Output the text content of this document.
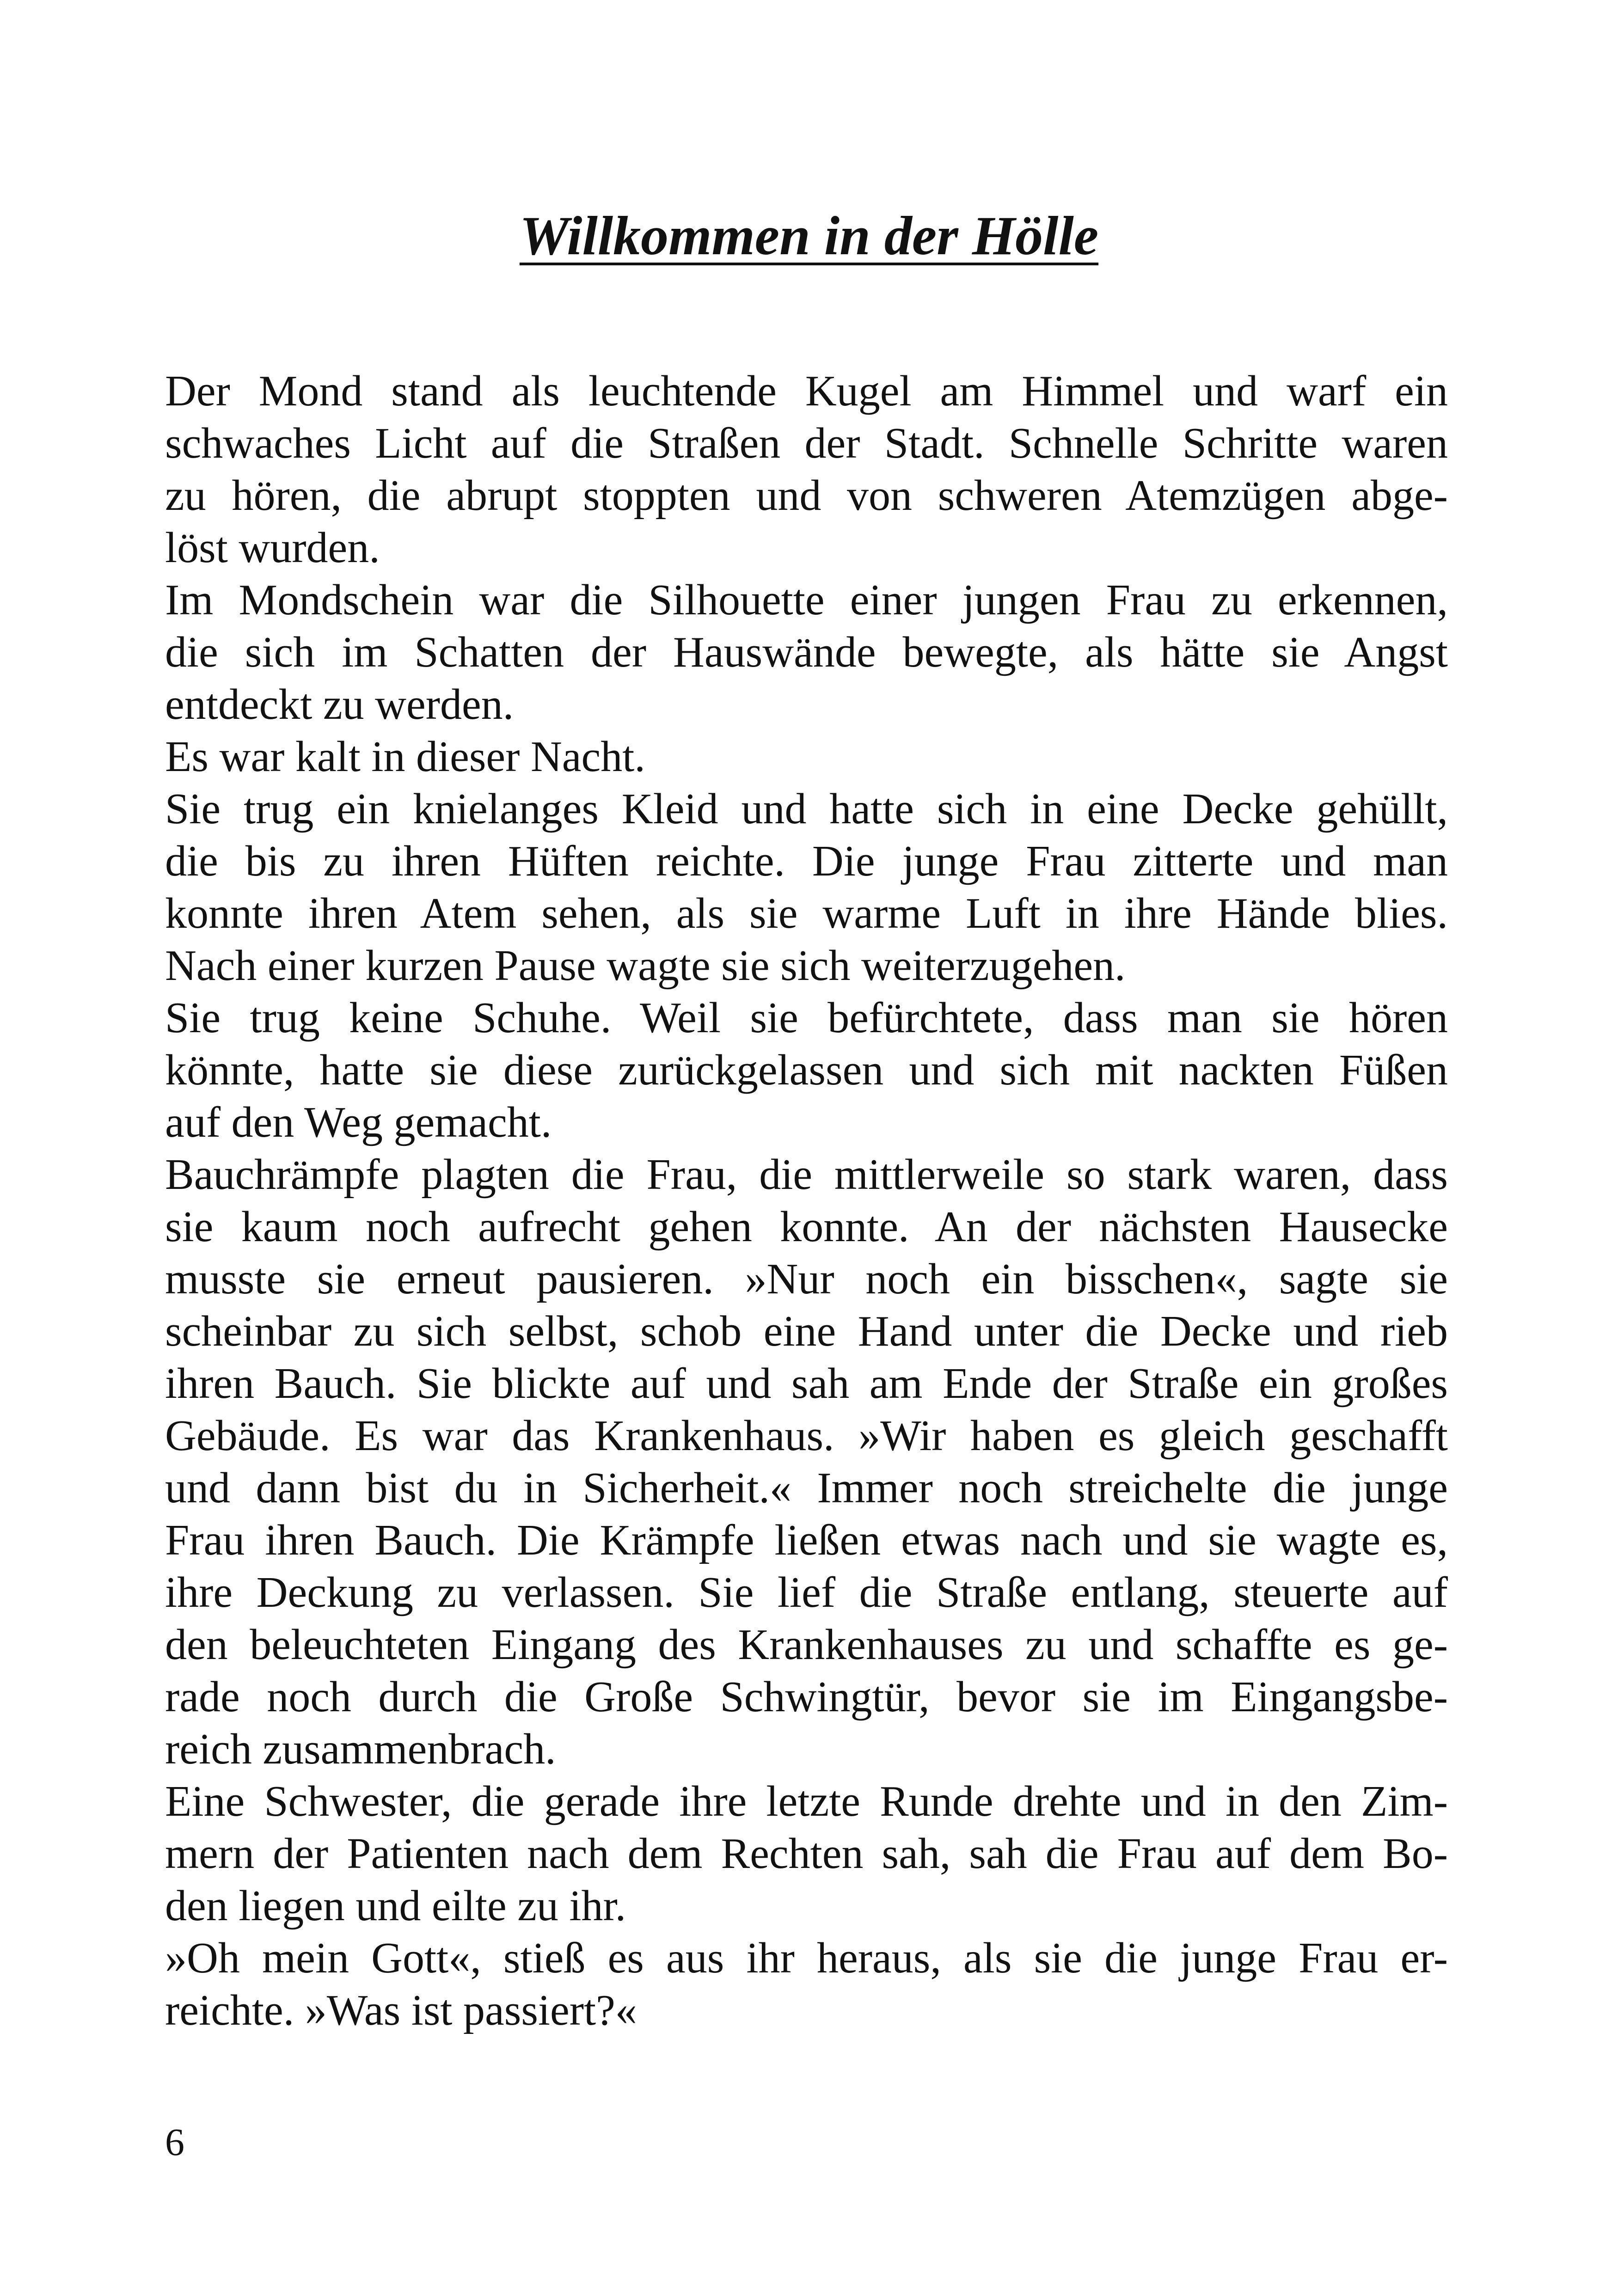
Willkommen in der Hölle
Der Mond stand als leuchtende Kugel am Himmel und warf ein
schwaches Licht auf die Straßen der Stadt. Schnelle Schritte waren
zu hören, die abrupt stoppten und von schweren Atemzügen abge-
löst wurden.
Im Mondschein war die Silhouette einer jungen Frau zu erkennen,
die sich im Schatten der Hauswände bewegte, als hätte sie Angst
entdeckt zu werden.
Es war kalt in dieser Nacht.
Sie trug ein knielanges Kleid und hatte sich in eine Decke gehüllt,
die bis zu ihren Hüften reichte. Die junge Frau zitterte und man
konnte ihren Atem sehen, als sie warme Luft in ihre Hände blies.
Nach einer kurzen Pause wagte sie sich weiterzugehen.
Sie trug keine Schuhe. Weil sie befürchtete, dass man sie hören
könnte, hatte sie diese zurückgelassen und sich mit nackten Füßen
auf den Weg gemacht.
Bauchrämpfe plagten die Frau, die mittlerweile so stark waren, dass
sie kaum noch aufrecht gehen konnte. An der nächsten Hausecke
musste sie erneut pausieren. »Nur noch ein bisschen«, sagte sie
scheinbar zu sich selbst, schob eine Hand unter die Decke und rieb
ihren Bauch. Sie blickte auf und sah am Ende der Straße ein großes
Gebäude. Es war das Krankenhaus. »Wir haben es gleich geschafft
und dann bist du in Sicherheit.« Immer noch streichelte die junge
Frau ihren Bauch. Die Krämpfe ließen etwas nach und sie wagte es,
ihre Deckung zu verlassen. Sie lief die Straße entlang, steuerte auf
den beleuchteten Eingang des Krankenhauses zu und schaffte es ge-
rade noch durch die Große Schwingtür, bevor sie im Eingangsbe-
reich zusammenbrach.
Eine Schwester, die gerade ihre letzte Runde drehte und in den Zim-
mern der Patienten nach dem Rechten sah, sah die Frau auf dem Bo-
den liegen und eilte zu ihr.
»Oh mein Gott«, stieß es aus ihr heraus, als sie die junge Frau er-
reichte. »Was ist passiert?«
6
